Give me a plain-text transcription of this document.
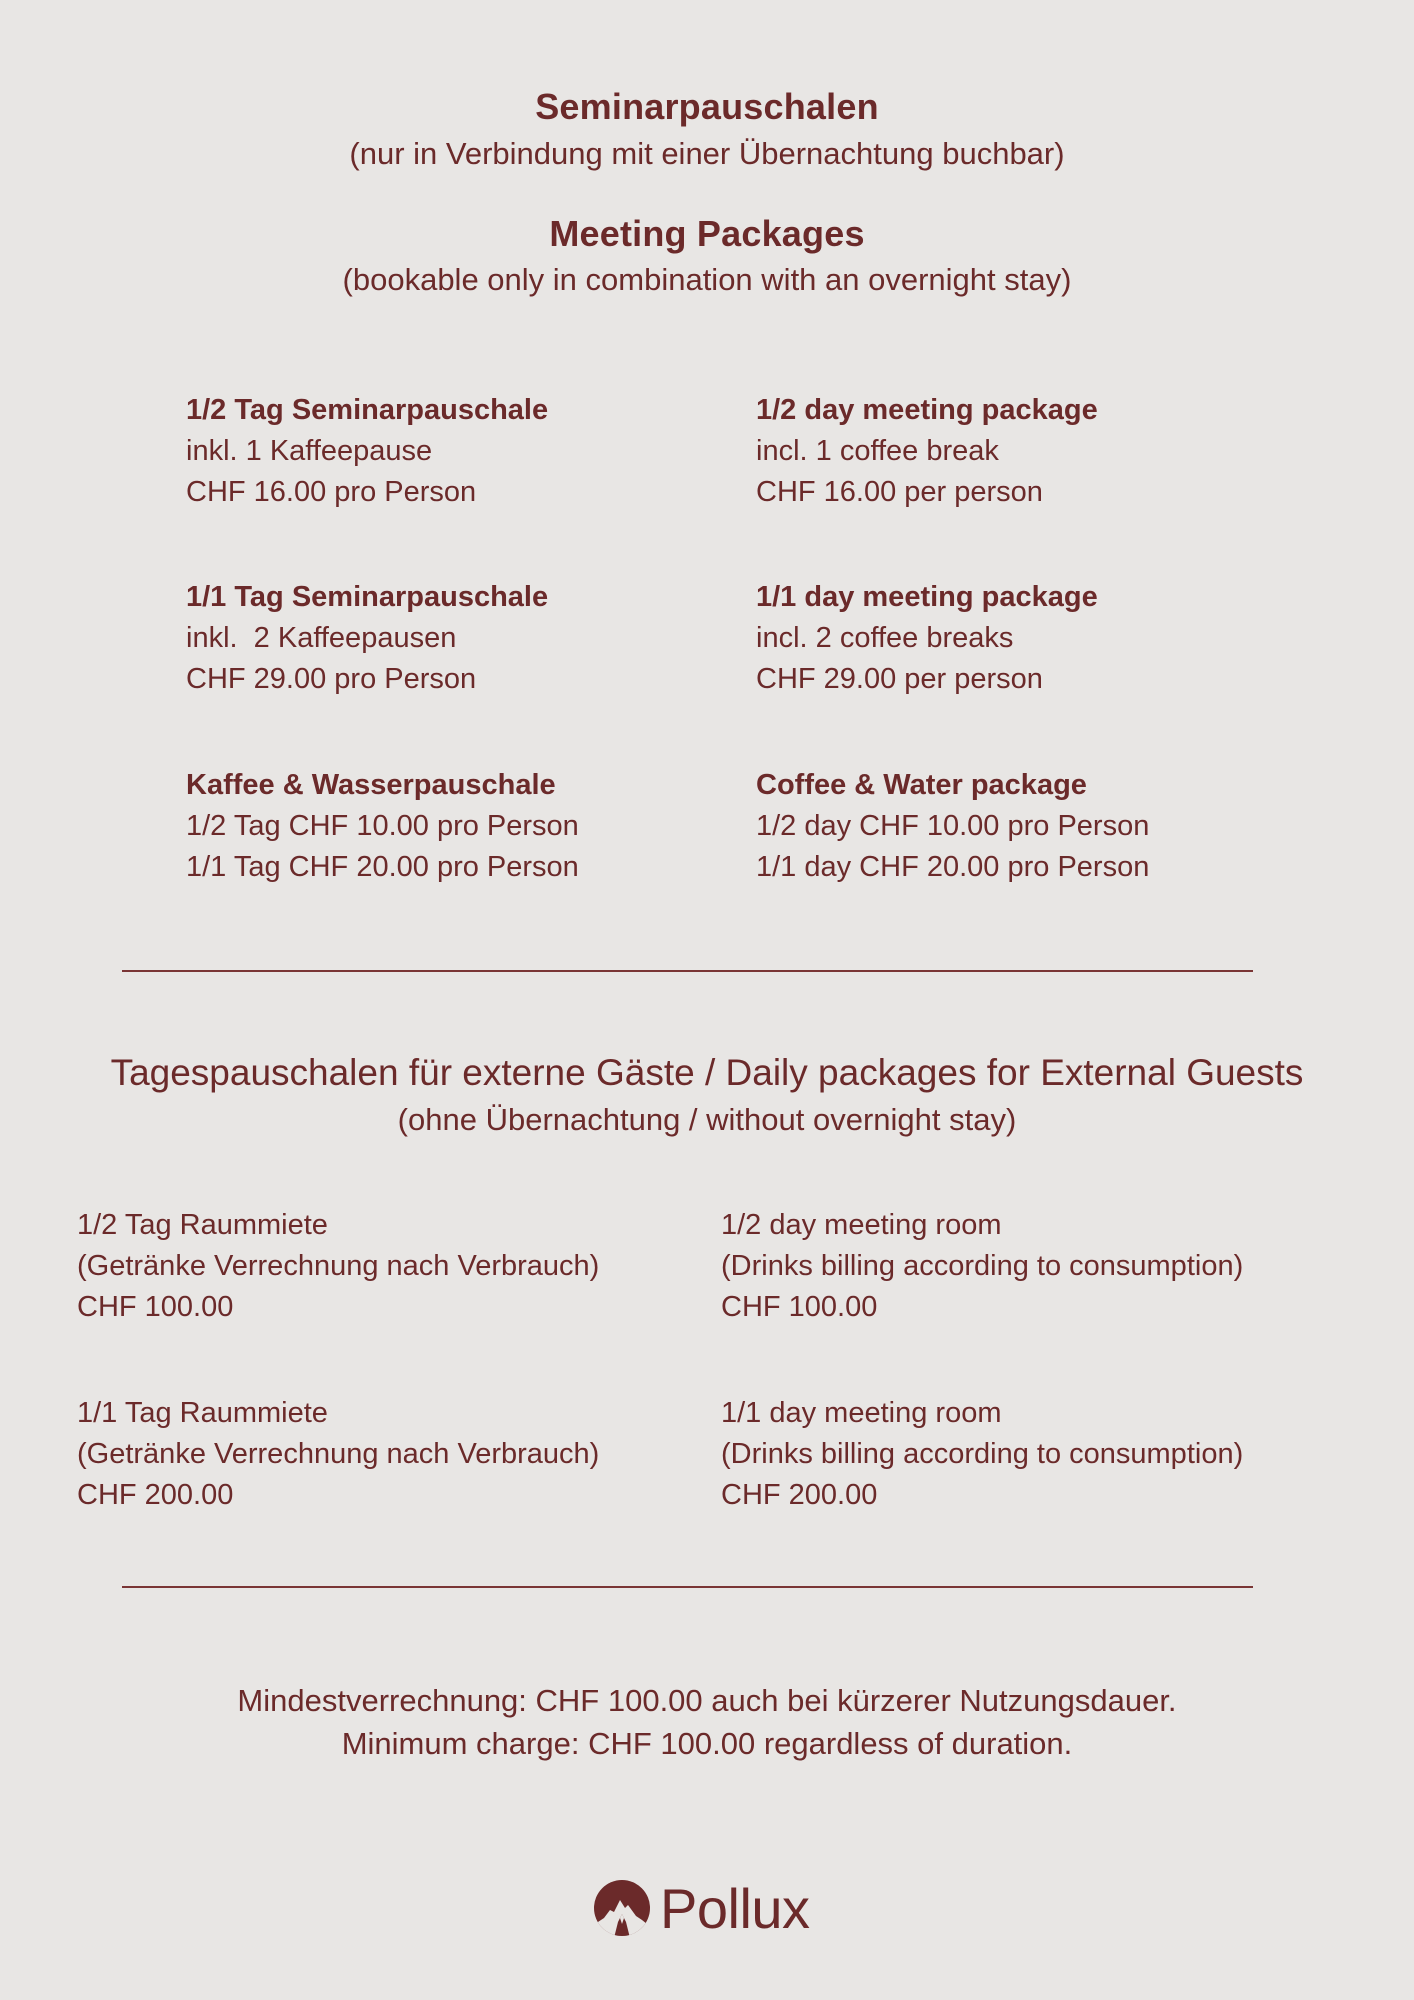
Seminarpauschalen
(nur in Verbindung mit einer Übernachtung buchbar)
Meeting Packages
(bookable only in combination with an overnight stay)
1/2 Tag Seminarpauschale
inkl. 1 Kaffeepause
CHF 16.00 pro Person
1/2 day meeting package
incl. 1 coffee break
CHF 16.00 per person
1/1 Tag Seminarpauschale
inkl.  2 Kaffeepausen
CHF 29.00 pro Person
1/1 day meeting package
incl. 2 coffee breaks
CHF 29.00 per person
Kaffee & Wasserpauschale
1/2 Tag CHF 10.00 pro Person
1/1 Tag CHF 20.00 pro Person
Coffee & Water package
1/2 day CHF 10.00 pro Person
1/1 day CHF 20.00 pro Person
Tagespauschalen für externe Gäste / Daily packages for External Guests
(ohne Übernachtung / without overnight stay)
1/2 Tag Raummiete
(Getränke Verrechnung nach Verbrauch)
CHF 100.00
1/2 day meeting room
(Drinks billing according to consumption)
CHF 100.00
1/1 Tag Raummiete
(Getränke Verrechnung nach Verbrauch)
CHF 200.00
1/1 day meeting room
(Drinks billing according to consumption)
CHF 200.00
Mindestverrechnung: CHF 100.00 auch bei kürzerer Nutzungsdauer.
Minimum charge: CHF 100.00 regardless of duration.
Pollux
